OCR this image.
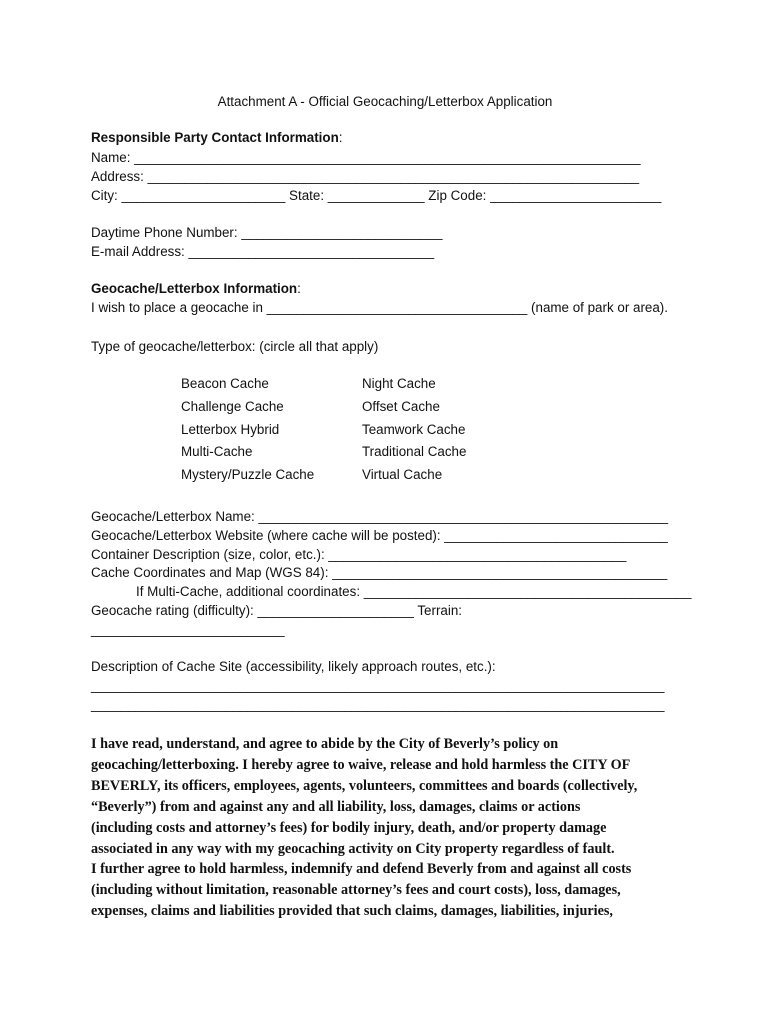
Attachment A - Official Geocaching/Letterbox Application
Responsible Party Contact Information:
Name: ____________________________________________________________________
Address: __________________________________________________________________
City: ______________________ State: _____________ Zip Code: _______________________
Daytime Phone Number: ___________________________
E-mail Address: _________________________________
Geocache/Letterbox Information:
I wish to place a geocache in ___________________________________ (name of park or area).
Type of geocache/letterbox: (circle all that apply)
Beacon Cache
Challenge Cache
Letterbox Hybrid
Multi-Cache
Mystery/Puzzle Cache
Night Cache
Offset Cache
Teamwork Cache
Traditional Cache
Virtual Cache
Geocache/Letterbox Name: _______________________________________________________
Geocache/Letterbox Website (where cache will be posted): ______________________________
Container Description (size, color, etc.): ________________________________________
Cache Coordinates and Map (WGS 84): _____________________________________________
If Multi-Cache, additional coordinates: ____________________________________________
Geocache rating (difficulty): _____________________ Terrain:
__________________________
Description of Cache Site (accessibility, likely approach routes, etc.):
_____________________________________________________________________________
_____________________________________________________________________________
I have read, understand, and agree to abide by the City of Beverly’s policy on
geocaching/letterboxing. I hereby agree to waive, release and hold harmless the CITY OF
BEVERLY, its officers, employees, agents, volunteers, committees and boards (collectively,
“Beverly”) from and against any and all liability, loss, damages, claims or actions
(including costs and attorney’s fees) for bodily injury, death, and/or property damage
associated in any way with my geocaching activity on City property regardless of fault.
I further agree to hold harmless, indemnify and defend Beverly from and against all costs
(including without limitation, reasonable attorney’s fees and court costs), loss, damages,
expenses, claims and liabilities provided that such claims, damages, liabilities, injuries,
